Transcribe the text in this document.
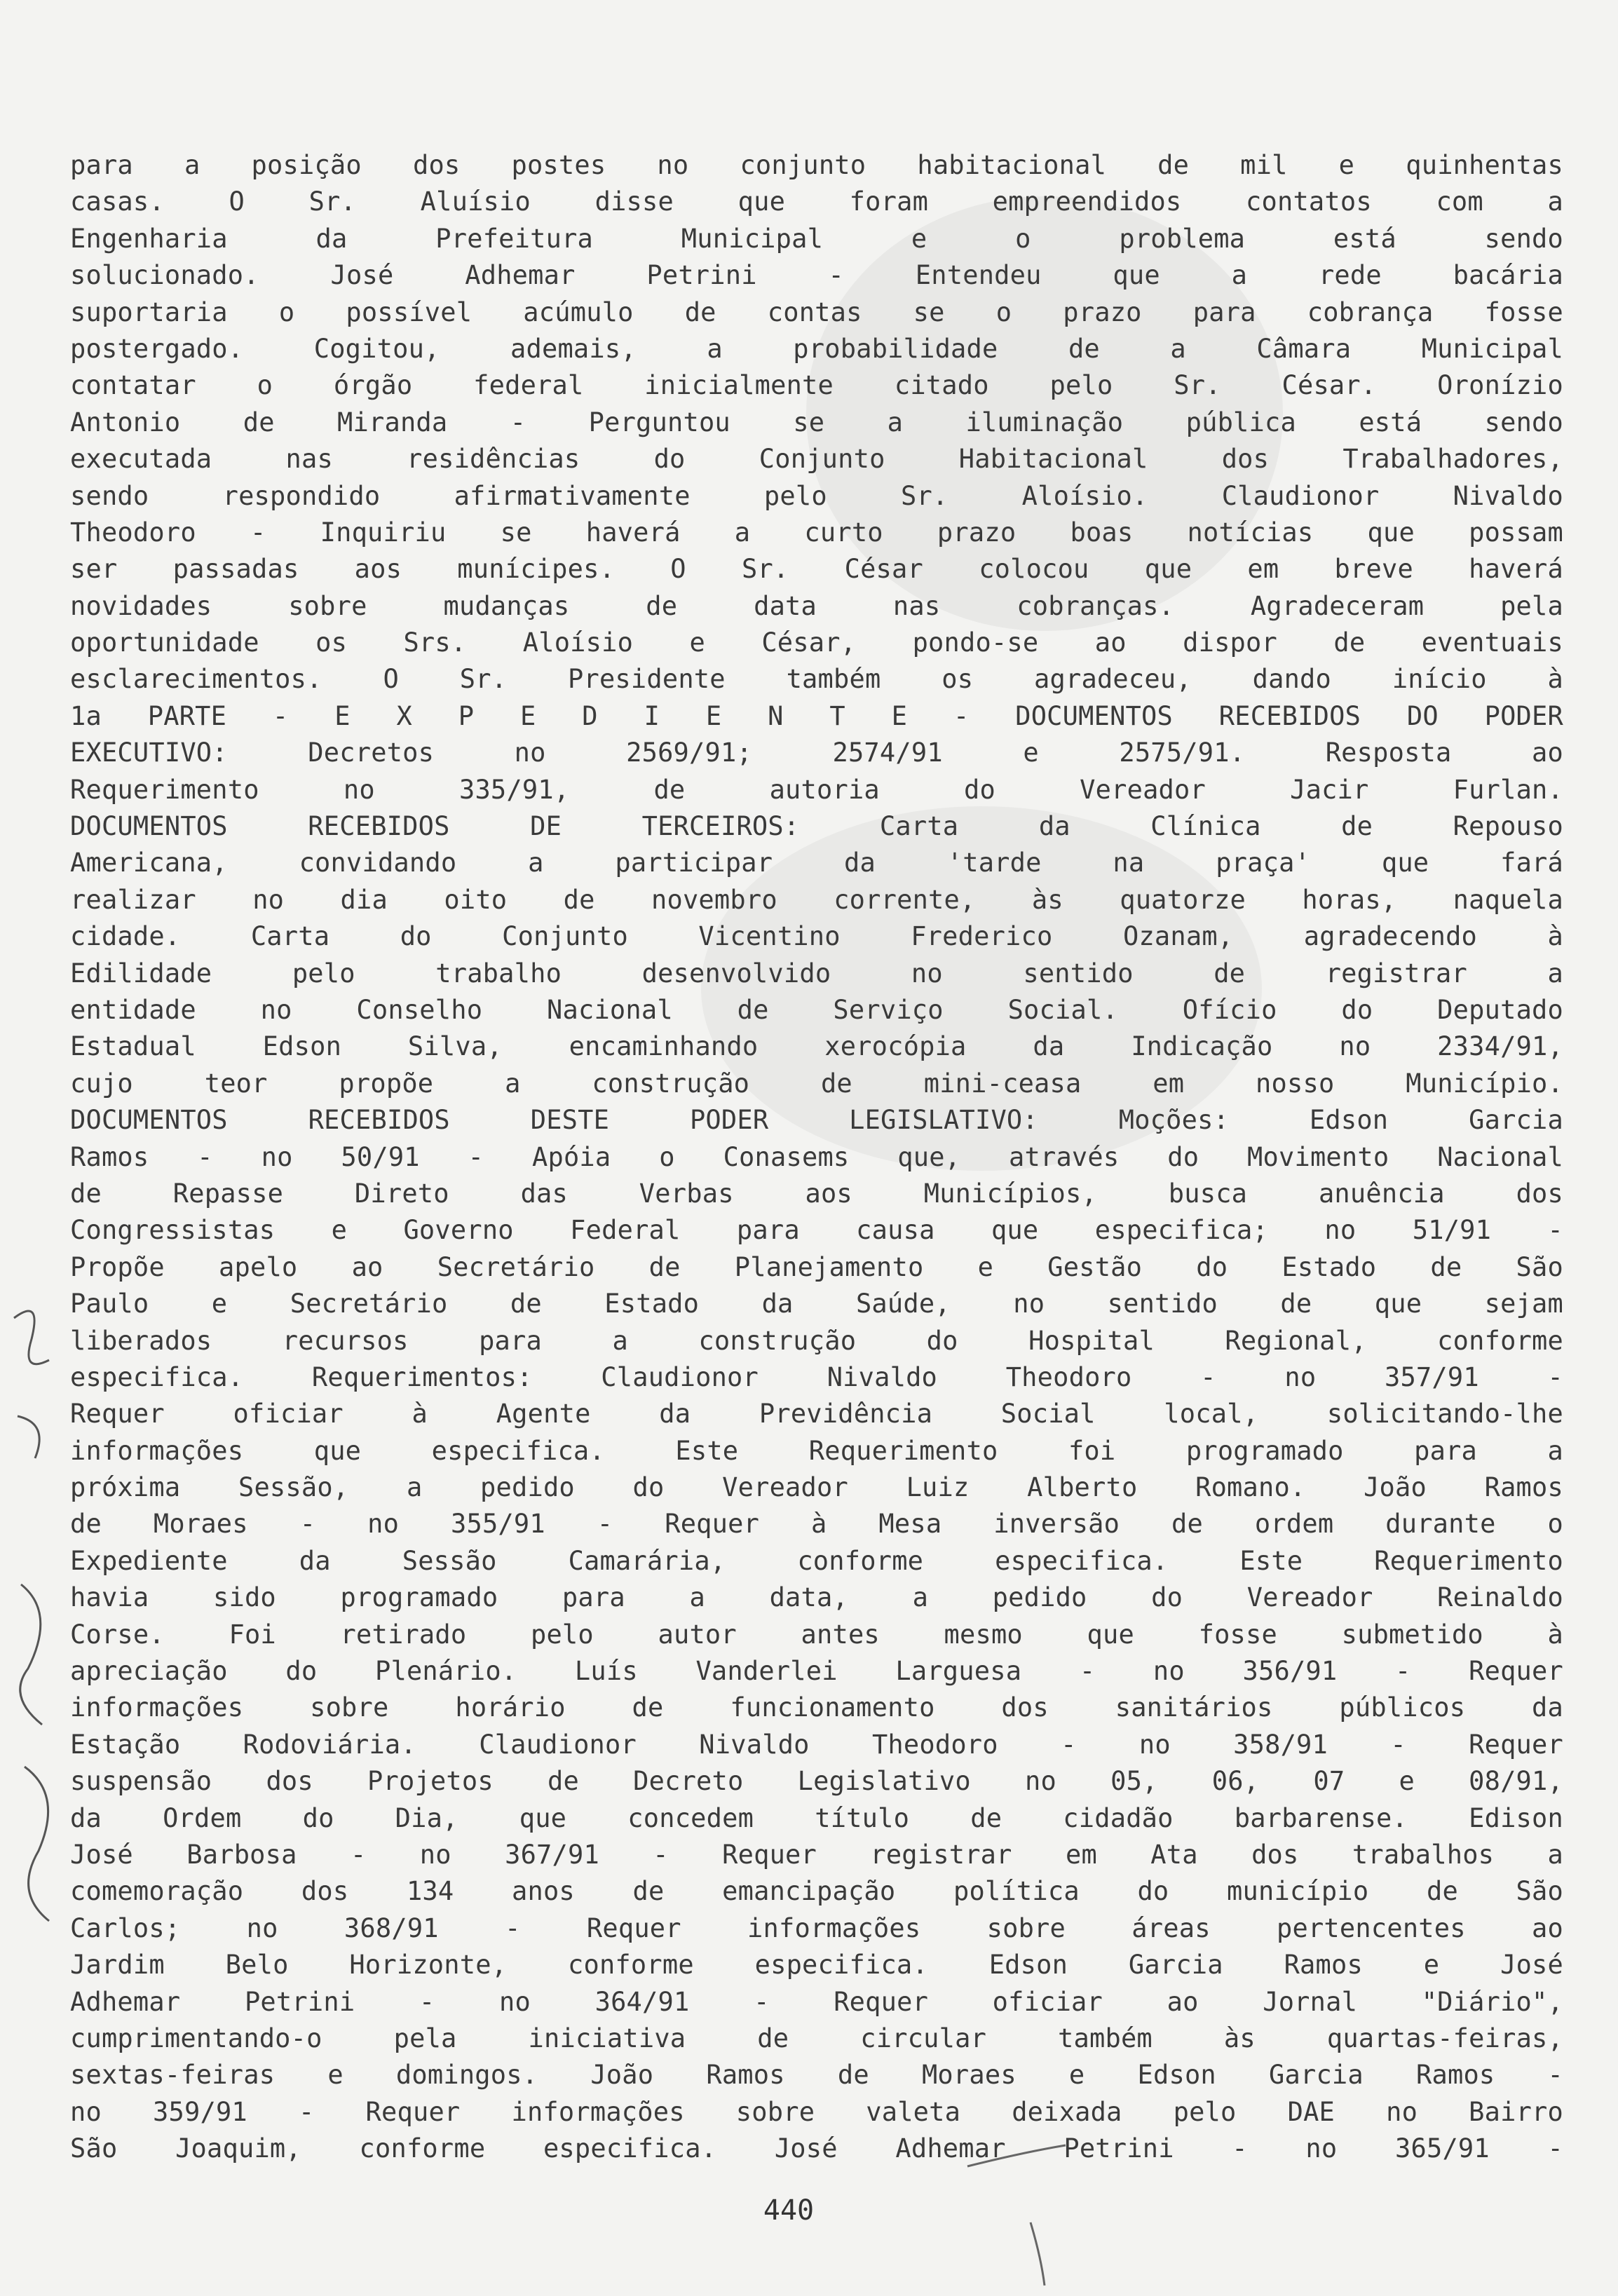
para a posição dos postes no conjunto habitacional de mil e quinhentas
casas. O Sr. Aluísio disse que foram empreendidos contatos com a
Engenharia da Prefeitura Municipal e o problema está sendo
solucionado. José Adhemar Petrini - Entendeu que a rede bacária
suportaria o possível acúmulo de contas se o prazo para cobrança fosse
postergado. Cogitou, ademais, a probabilidade de a Câmara Municipal
contatar o órgão federal inicialmente citado pelo Sr. César. Oronízio
Antonio de Miranda - Perguntou se a iluminação pública está sendo
executada nas residências do Conjunto Habitacional dos Trabalhadores,
sendo respondido afirmativamente pelo Sr. Aloísio. Claudionor Nivaldo
Theodoro - Inquiriu se haverá a curto prazo boas notícias que possam
ser passadas aos munícipes. O Sr. César colocou que em breve haverá
novidades sobre mudanças de data nas cobranças. Agradeceram pela
oportunidade os Srs. Aloísio e César, pondo-se ao dispor de eventuais
esclarecimentos. O Sr. Presidente também os agradeceu, dando início à
1a PARTE - E X P E D I E N T E - DOCUMENTOS RECEBIDOS DO PODER
EXECUTIVO: Decretos no 2569/91; 2574/91 e 2575/91. Resposta ao
Requerimento no 335/91, de autoria do Vereador Jacir Furlan.
DOCUMENTOS RECEBIDOS DE TERCEIROS: Carta da Clínica de Repouso
Americana, convidando a participar da 'tarde na praça' que fará
realizar no dia oito de novembro corrente, às quatorze horas, naquela
cidade. Carta do Conjunto Vicentino Frederico Ozanam, agradecendo à
Edilidade pelo trabalho desenvolvido no sentido de registrar a
entidade no Conselho Nacional de Serviço Social. Ofício do Deputado
Estadual Edson Silva, encaminhando xerocópia da Indicação no 2334/91,
cujo teor propõe a construção de mini-ceasa em nosso Município.
DOCUMENTOS RECEBIDOS DESTE PODER LEGISLATIVO: Moções: Edson Garcia
Ramos - no 50/91 - Apóia o Conasems que, através do Movimento Nacional
de Repasse Direto das Verbas aos Municípios, busca anuência dos
Congressistas e Governo Federal para causa que especifica; no 51/91 -
Propõe apelo ao Secretário de Planejamento e Gestão do Estado de São
Paulo e Secretário de Estado da Saúde, no sentido de que sejam
liberados recursos para a construção do Hospital Regional, conforme
especifica. Requerimentos: Claudionor Nivaldo Theodoro - no 357/91 -
Requer oficiar à Agente da Previdência Social local, solicitando-lhe
informações que especifica. Este Requerimento foi programado para a
próxima Sessão, a pedido do Vereador Luiz Alberto Romano. João Ramos
de Moraes - no 355/91 - Requer à Mesa inversão de ordem durante o
Expediente da Sessão Camarária, conforme especifica. Este Requerimento
havia sido programado para a data, a pedido do Vereador Reinaldo
Corse. Foi retirado pelo autor antes mesmo que fosse submetido à
apreciação do Plenário. Luís Vanderlei Larguesa - no 356/91 - Requer
informações sobre horário de funcionamento dos sanitários públicos da
Estação Rodoviária. Claudionor Nivaldo Theodoro - no 358/91 - Requer
suspensão dos Projetos de Decreto Legislativo no 05, 06, 07 e 08/91,
da Ordem do Dia, que concedem título de cidadão barbarense. Edison
José Barbosa - no 367/91 - Requer registrar em Ata dos trabalhos a
comemoração dos 134 anos de emancipação política do município de São
Carlos; no 368/91 - Requer informações sobre áreas pertencentes ao
Jardim Belo Horizonte, conforme especifica. Edson Garcia Ramos e José
Adhemar Petrini - no 364/91 - Requer oficiar ao Jornal "Diário",
cumprimentando-o pela iniciativa de circular também às quartas-feiras,
sextas-feiras e domingos. João Ramos de Moraes e Edson Garcia Ramos -
no 359/91 - Requer informações sobre valeta deixada pelo DAE no Bairro
São Joaquim, conforme especifica. José Adhemar Petrini - no 365/91 -
440
